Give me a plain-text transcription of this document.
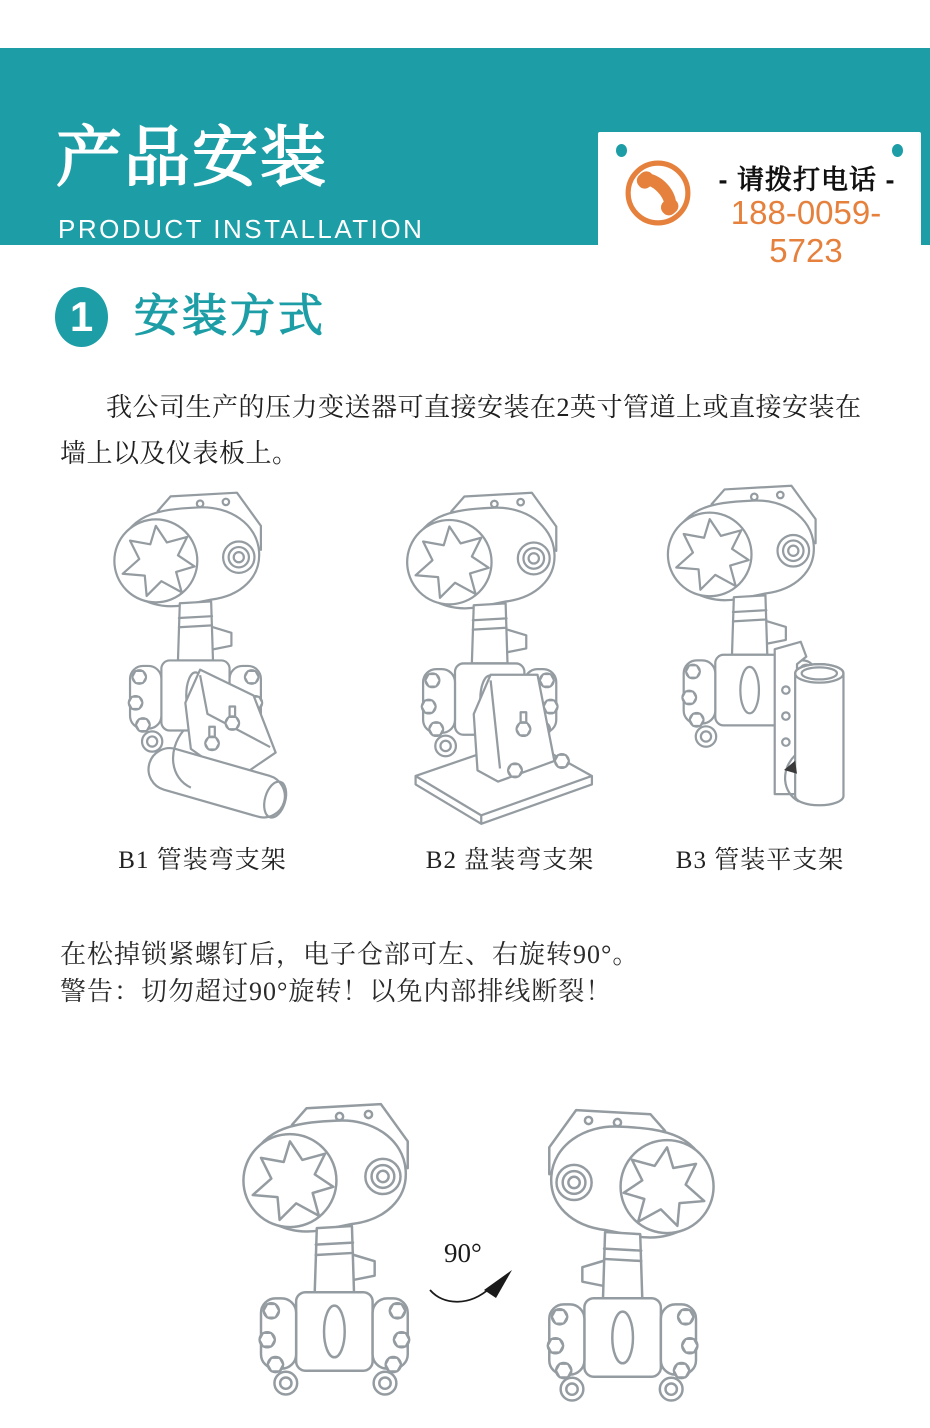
产品安装
PRODUCT INSTALLATION
- 请拨打电话 -
188-0059-5723
1 安装方式

我公司生产的压力变送器可直接安装在2英寸管道上或直接安装在墙上以及仪表板上。

B1 管装弯支架	B2 盘装弯支架	B3 管装平支架
在松掉锁紧螺钉后，电子仓部可左、右旋转90°。
警告：切勿超过90°旋转！以免内部排线断裂！
90°
